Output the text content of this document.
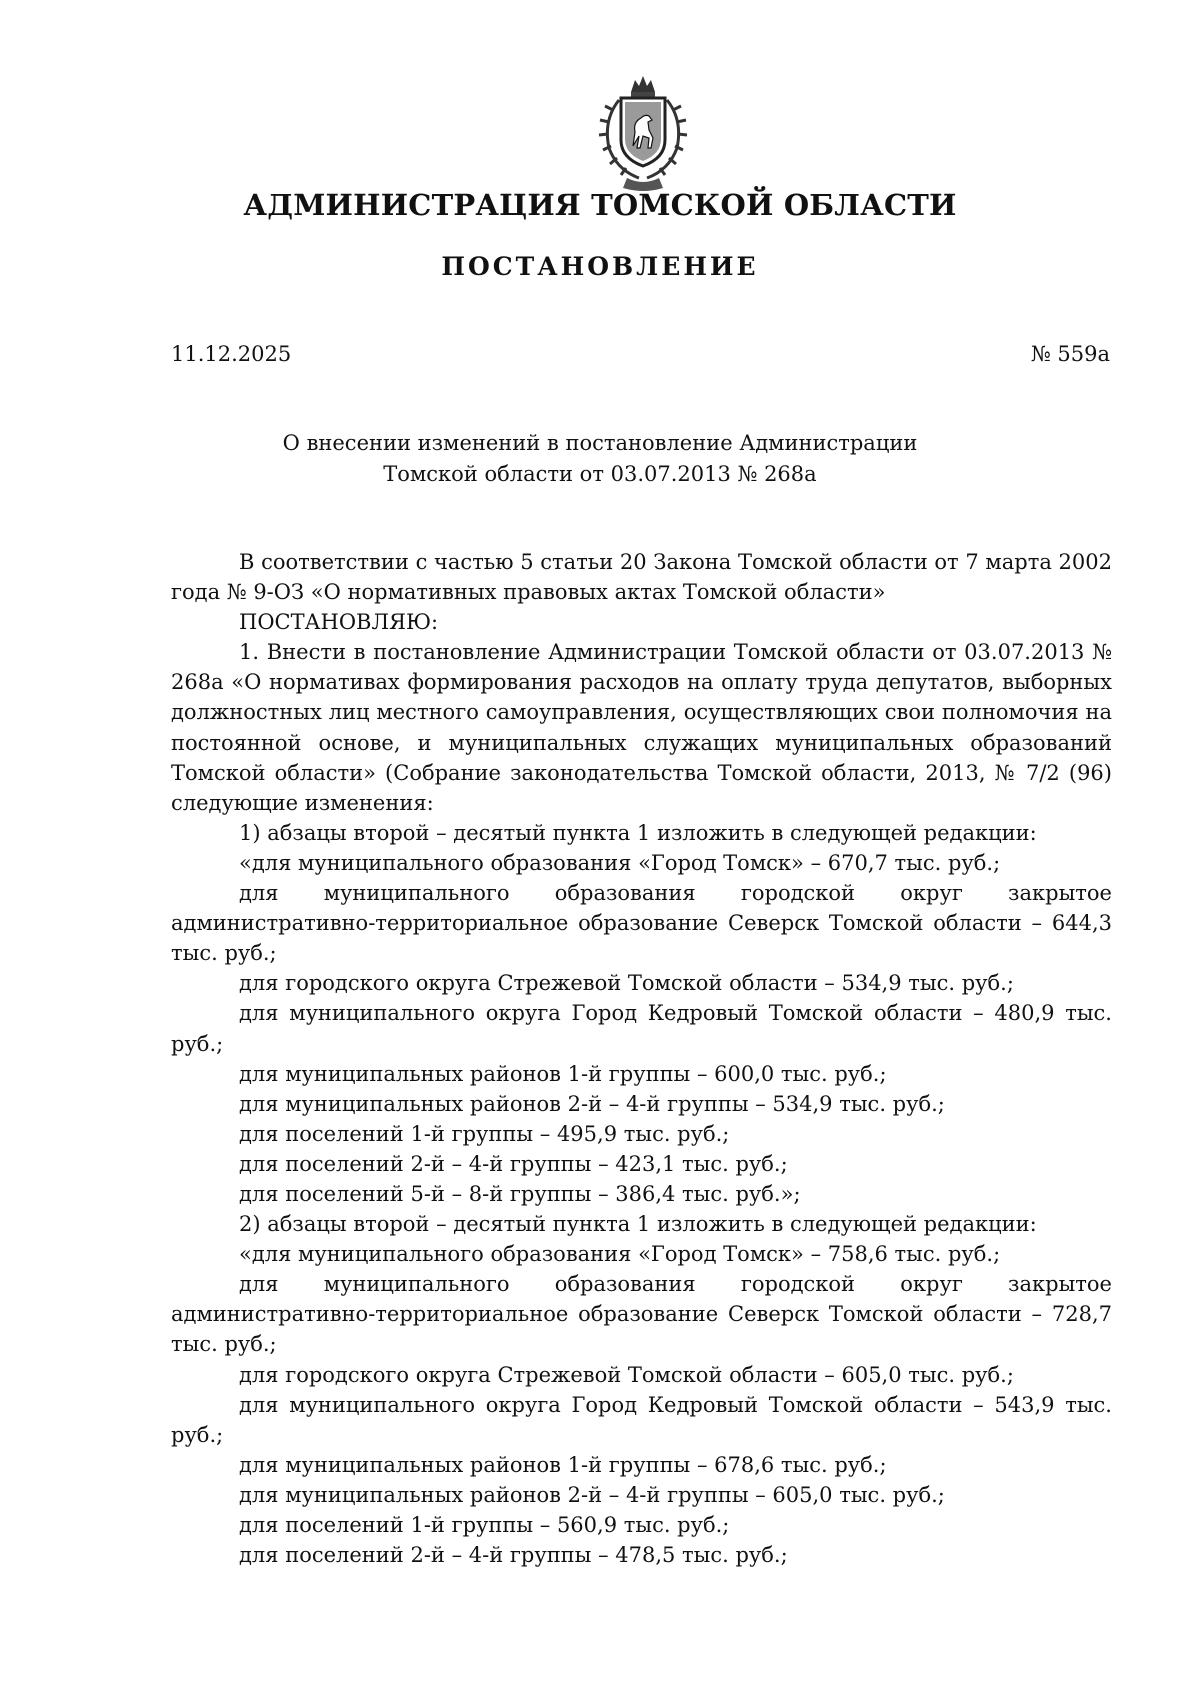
АДМИНИСТРАЦИЯ ТОМСКОЙ ОБЛАСТИ
ПОСТАНОВЛЕНИЕ
11.12.2025	№ 559а
О внесении изменений в постановление Администрации
Томской области от 03.07.2013 № 268а

В соответствии с частью 5 статьи 20 Закона Томской области от 7 марта 2002 года № 9-ОЗ «О нормативных правовых актах Томской области»

ПОСТАНОВЛЯЮ:

1. Внести в постановление Администрации Томской области от 03.07.2013 № 268а «О нормативах формирования расходов на оплату труда депутатов, выборных должностных лиц местного самоуправления, осуществляющих свои полномочия на постоянной основе, и муниципальных служащих муниципальных образований Томской области» (Собрание законодательства Томской области, 2013, № 7/2 (96) следующие изменения:

1) абзацы второй – десятый пункта 1 изложить в следующей редакции:

«для муниципального образования «Город Томск» – 670,7 тыс. руб.;

для муниципального образования городской округ закрытое административно-территориальное образование Северск Томской области – 644,3 тыс. руб.;

для городского округа Стрежевой Томской области – 534,9 тыс. руб.;

для муниципального округа Город Кедровый Томской области – 480,9 тыс. руб.;

для муниципальных районов 1-й группы – 600,0 тыс. руб.;

для муниципальных районов 2-й – 4-й группы – 534,9 тыс. руб.;

для поселений 1-й группы – 495,9 тыс. руб.;

для поселений 2-й – 4-й группы – 423,1 тыс. руб.;

для поселений 5-й – 8-й группы – 386,4 тыс. руб.»;

2) абзацы второй – десятый пункта 1 изложить в следующей редакции:

«для муниципального образования «Город Томск» – 758,6 тыс. руб.;

для муниципального образования городской округ закрытое административно-территориальное образование Северск Томской области – 728,7 тыс. руб.;

для городского округа Стрежевой Томской области – 605,0 тыс. руб.;

для муниципального округа Город Кедровый Томской области – 543,9 тыс. руб.;

для муниципальных районов 1-й группы – 678,6 тыс. руб.;

для муниципальных районов 2-й – 4-й группы – 605,0 тыс. руб.;

для поселений 1-й группы – 560,9 тыс. руб.;

для поселений 2-й – 4-й группы – 478,5 тыс. руб.;
